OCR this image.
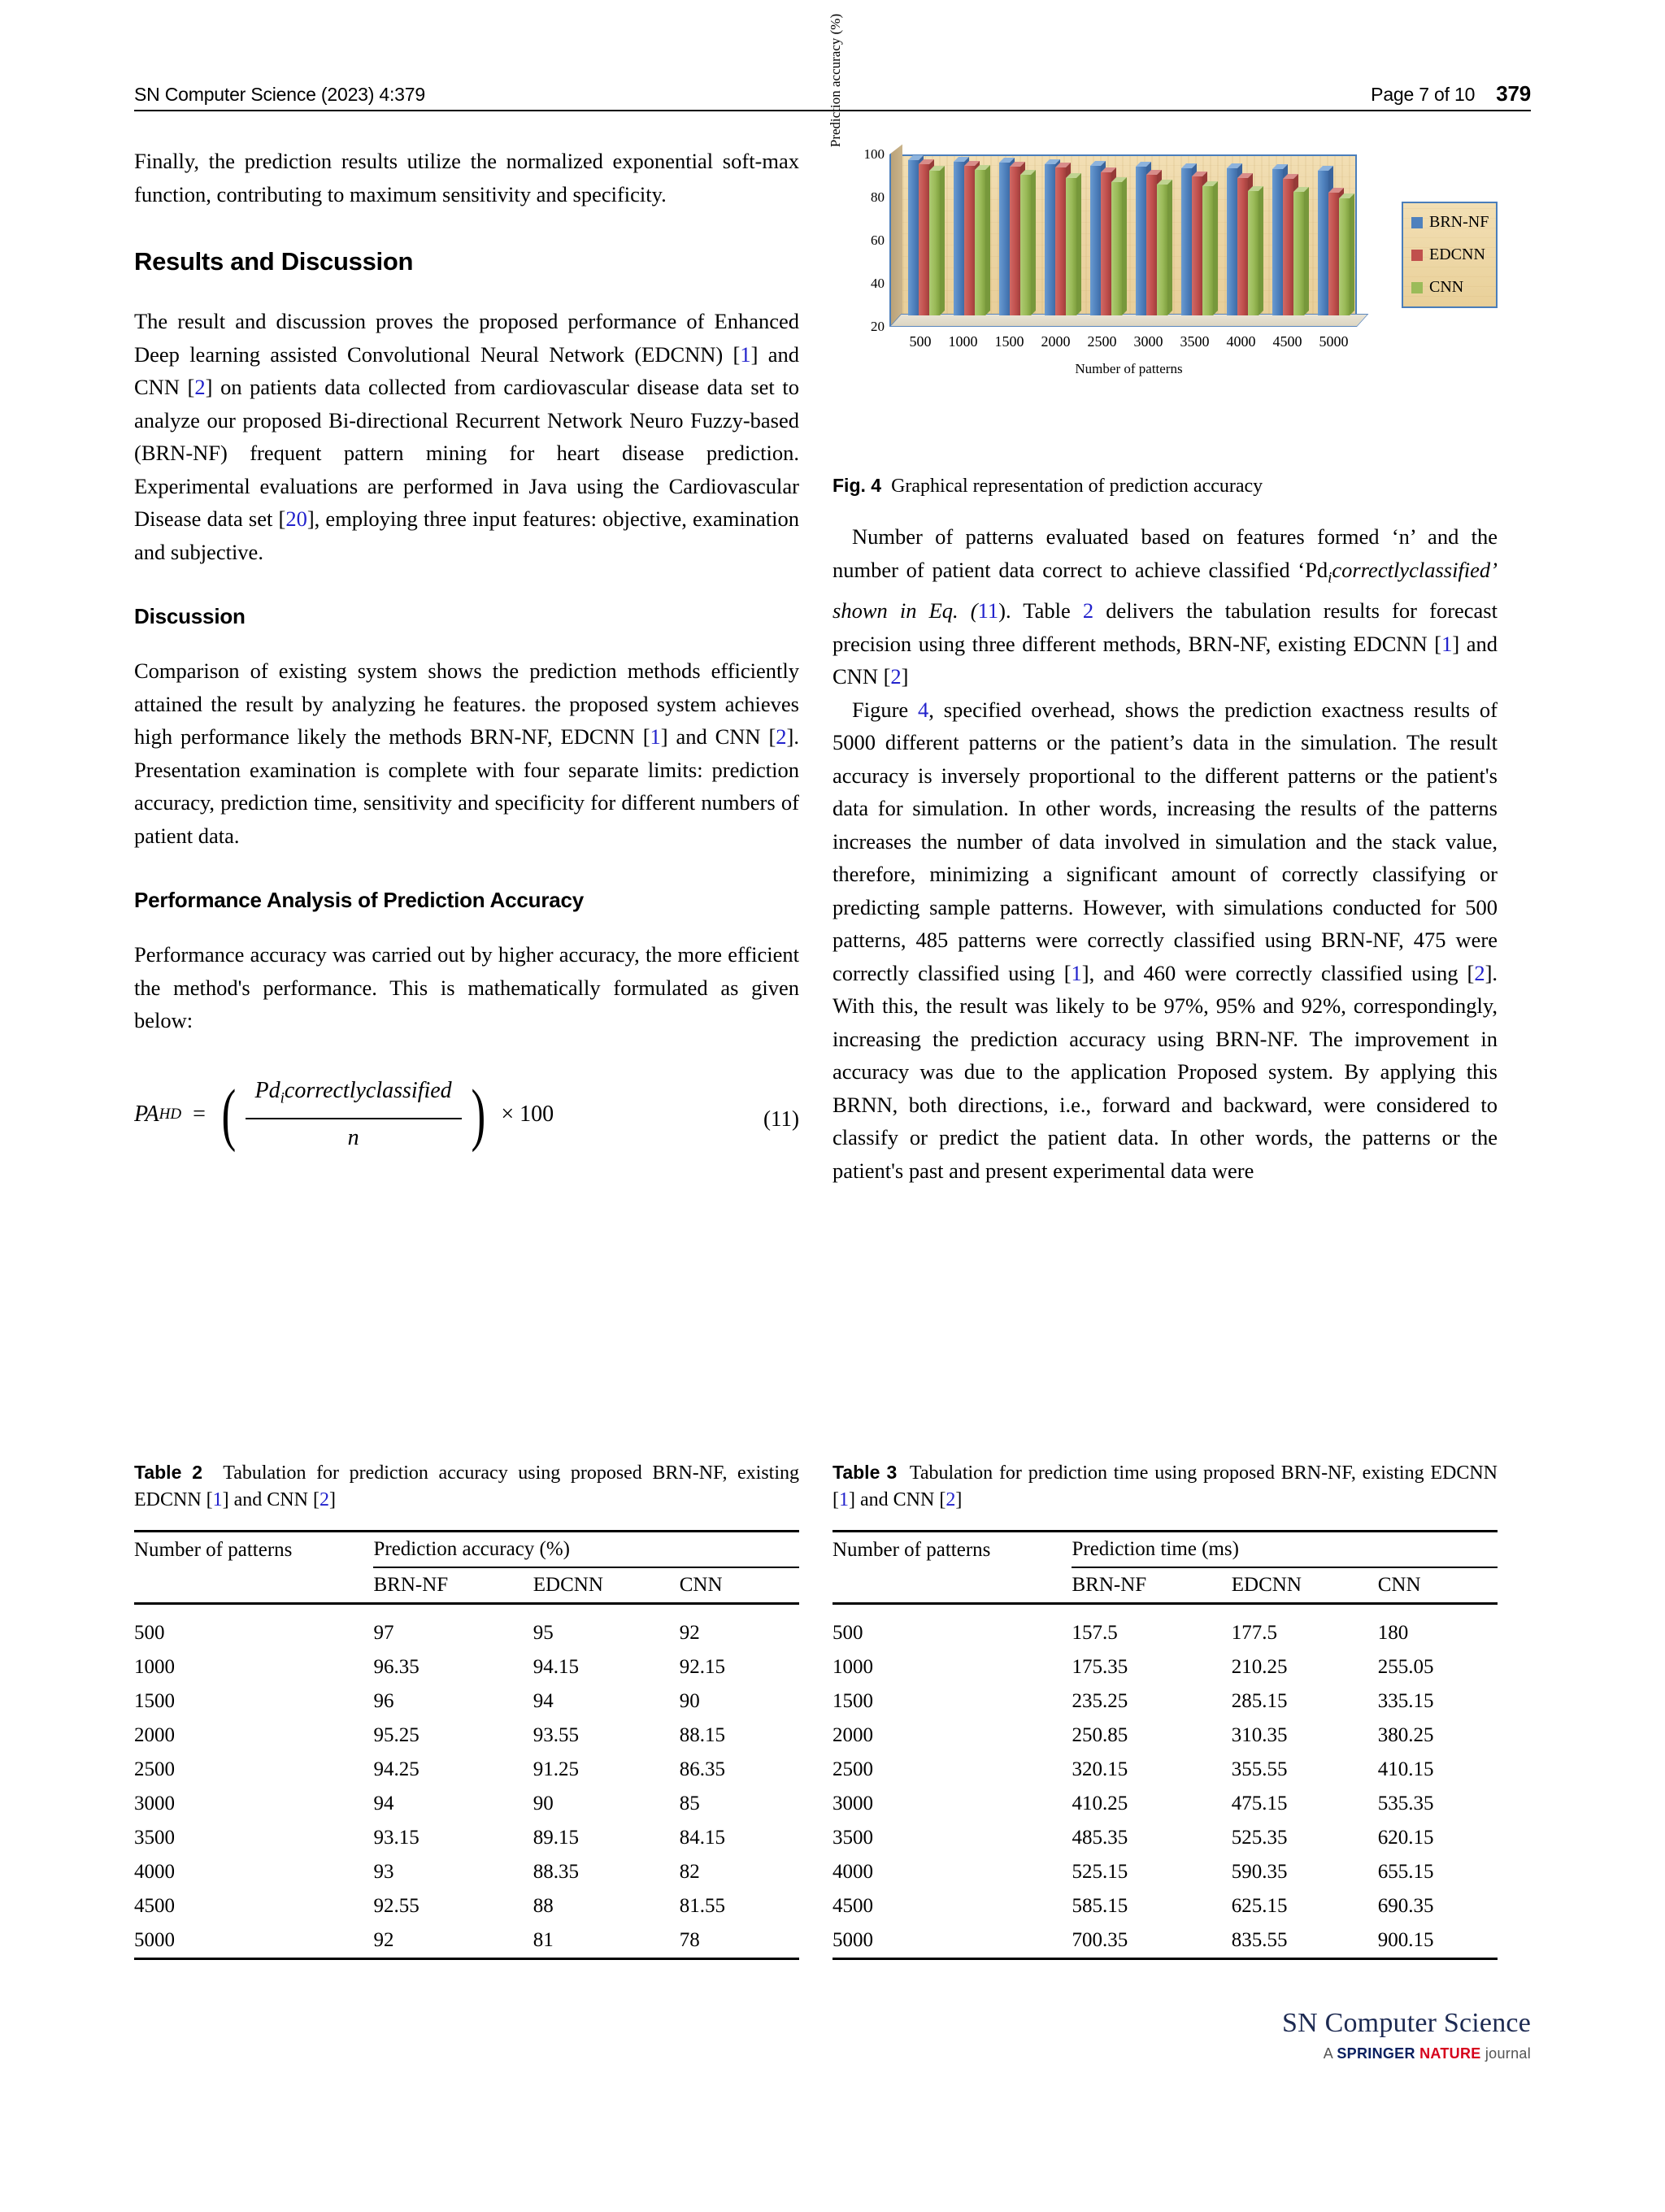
SN Computer Science (2023) 4:379	Page 7 of 10 379

Finally, the prediction results utilize the normalized exponential soft-max function, contributing to maximum sensitivity and specificity.

Results and Discussion

The result and discussion proves the proposed performance of Enhanced Deep learning assisted Convolutional Neural Network (EDCNN) [1] and CNN [2] on patients data collected from cardiovascular disease data set to analyze our proposed Bi-directional Recurrent Network Neuro Fuzzy-based (BRN-NF) frequent pattern mining for heart disease prediction. Experimental evaluations are performed in Java using the Cardiovascular Disease data set [20], employing three input features: objective, examination and subjective.

Discussion

Comparison of existing system shows the prediction methods efficiently attained the result by analyzing he features. the proposed system achieves high performance likely the methods BRN-NF, EDCNN [1] and CNN [2]. Presentation examination is complete with four separate limits: prediction accuracy, prediction time, sensitivity and specificity for different numbers of patient data.

Performance Analysis of Prediction Accuracy

Performance accuracy was carried out by higher accuracy, the more efficient the method's performance. This is mathematically formulated as given below:

PA HD = ( $\frac{Pd_icorrectlyclassified}{n}$ ) × 100	(11)
Prediction accuracy (%)
100
80
60
40
20
500 1000 1500 2000 2500 3000 3500 4000 4500 5000
Number of patterns
BRN-NF
EDCNN
CNN
Fig. 4 Graphical representation of prediction accuracy

Number of patterns evaluated based on features formed ‘n’ and the number of patient data correct to achieve classified ‘$Pd_icorrectlyclassified$’ shown in Eq. (11). Table 2 delivers the tabulation results for forecast precision using three different methods, BRN-NF, existing EDCNN [1] and CNN [2]

Figure 4, specified overhead, shows the prediction exactness results of 5000 different patterns or the patient’s data in the simulation. The result accuracy is inversely proportional to the different patterns or the patient's data for simulation. In other words, increasing the results of the patterns increases the number of data involved in simulation and the stack value, therefore, minimizing a significant amount of correctly classifying or predicting sample patterns. However, with simulations conducted for 500 patterns, 485 patterns were correctly classified using BRN-NF, 475 were correctly classified using [1], and 460 were correctly classified using [2]. With this, the result was likely to be 97%, 95% and 92%, correspondingly, increasing the prediction accuracy using BRN-NF. The improvement in accuracy was due to the application Proposed system. By applying this BRNN, both directions, i.e., forward and backward, were considered to classify or predict the patient data. In other words, the patterns or the patient's past and present experimental data were

Table 2 Tabulation for prediction accuracy using proposed BRN-NF, existing EDCNN [1] and CNN [2]
Number of patterns	Prediction accuracy (%)		
	BRN-NF	EDCNN	CNN

500	97	95	92
1000	96.35	94.15	92.15
1500	96	94	90
2000	95.25	93.55	88.15
2500	94.25	91.25	86.35
3000	94	90	85
3500	93.15	89.15	84.15
4000	93	88.35	82
4500	92.55	88	81.55
5000	92	81	78

Table 3 Tabulation for prediction time using proposed BRN-NF, existing EDCNN [1] and CNN [2]
Number of patterns	Prediction time (ms)		
	BRN-NF	EDCNN	CNN

500	157.5	177.5	180
1000	175.35	210.25	255.05
1500	235.25	285.15	335.15
2000	250.85	310.35	380.25
2500	320.15	355.55	410.15
3000	410.25	475.15	535.35
3500	485.35	525.35	620.15
4000	525.15	590.35	655.15
4500	585.15	625.15	690.35
5000	700.35	835.55	900.15

SN Computer Science
A SPRINGER NATURE journal
